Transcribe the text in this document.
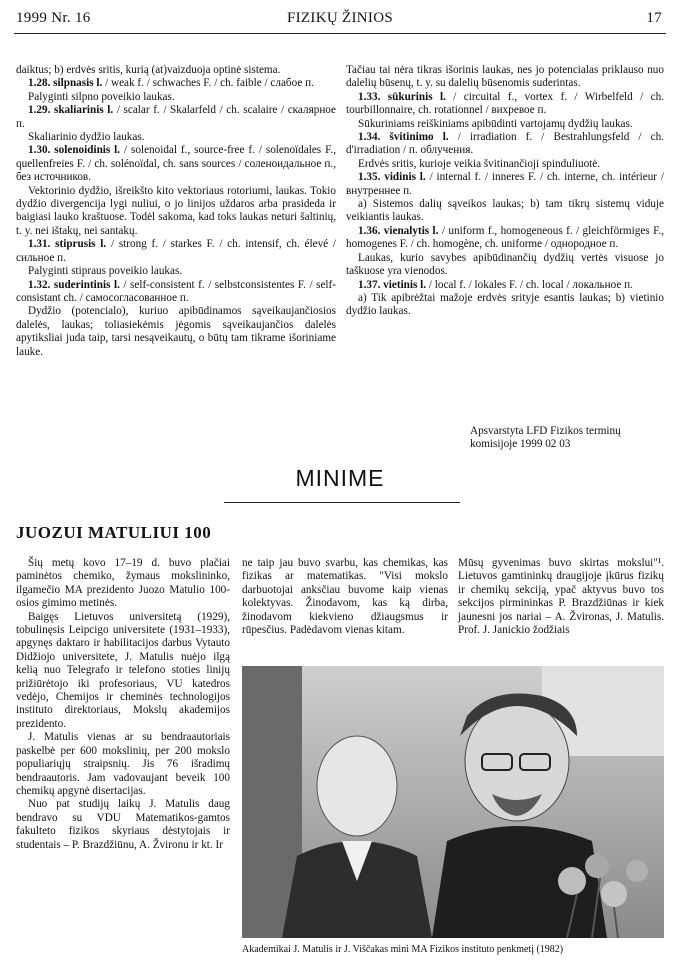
1999 Nr. 16	FIZIKŲ ŽINIOS	17

daiktus; b) erdvės sritis, kurią (at)vaizduoja optinė sistema.

1.28. silpnasis l. / weak f. / schwaches F. / ch. faible / слабое п.

Palyginti silpno poveikio laukas.

1.29. skaliarinis l. / scalar f. / Skalarfeld / ch. scalaire / скалярное п.

Skaliarinio dydžio laukas.

1.30. solenoidinis l. / solenoidal f., source-free f. / solenoïdales F., quellenfreies F. / ch. solénoïdal, ch. sans sources / соленоидальное п., без источников.

Vektorinio dydžio, išreikšto kito vektoriaus rotoriumi, laukas. Tokio dydžio divergencija lygi nuliui, o jo linijos uždaros arba prasideda ir baigiasi lauko kraštuose. Todėl sakoma, kad toks laukas neturi šaltinių, t. y. nei ištakų, nei santakų.

1.31. stiprusis l. / strong f. / starkes F. / ch. intensif, ch. élevé / сильное п.

Palyginti stipraus poveikio laukas.

1.32. suderintinis l. / self-consistent f. / selbstconsistentes F. / self-consistant ch. / самосогласованное п.

Dydžio (potencialo), kuriuo apibūdinamos sąveikaujančiosios dalelės, laukas; toliasiekėmis jėgomis sąveikaujančios dalelės apytiksliai juda taip, tarsi nesąveikautų, o būtų tam tikrame išoriniame lauke.

Tačiau tai nėra tikras išorinis laukas, nes jo potencialas priklauso nuo dalelių būsenų, t. y. su dalelių būsenomis suderintas.

1.33. sūkurinis l. / circuital f., vortex f. / Wirbelfeld / ch. tourbillonnaire, ch. rotationnel / вихревое п.

Sūkuriniams reiškiniams apibūdinti vartojamų dydžių laukas.

1.34. švitinimo l. / irradiation f. / Bestrahlungsfeld / ch. d'irradiation / п. облучения.

Erdvės sritis, kurioje veikia švitinančioji spinduliuotė.

1.35. vidinis l. / internal f. / inneres F. / ch. interne, ch. intérieur / внутреннее п.

a) Sistemos dalių sąveikos laukas; b) tam tikrų sistemų viduje veikiantis laukas.

1.36. vienalytis l. / uniform f., homogeneous f. / gleichförmiges F., homogenes F. / ch. homogène, ch. uniforme / однородное п.

Laukas, kurio savybes apibūdinančių dydžių vertės visuose jo taškuose yra vienodos.

1.37. vietinis l. / local f. / lokales F. / ch. local / локальное п.

a) Tik apibrėžtai mažoje erdvės srityje esantis laukas; b) vietinio dydžio laukas.

Apsvarstyta LFD Fizikos terminų
komisijoje 1999 02 03
MINIME
JUOZUI MATULIUI 100

Šių metų kovo 17–19 d. buvo plačiai paminėtos chemiko, žymaus mokslininko, ilgamečio MA prezidento Juozo Matulio 100-osios gimimo metinės.

Baigęs Lietuvos universitetą (1929), tobulinęsis Leipcigo universitete (1931–1933), apgynęs daktaro ir habilitacijos darbus Vytauto Didžiojo universitete, J. Matulis nuėjo ilgą kelią nuo Telegrafo ir telefono stoties linijų prižiūrėtojo iki profesoriaus, VU katedros vedėjo, Chemijos ir cheminės technologijos instituto direktoriaus, Mokslų akademijos prezidento.

J. Matulis vienas ar su bendraautoriais paskelbė per 600 mokslinių, per 200 mokslo populiariųjų straipsnių. Jis 76 išradimų bendraautoris. Jam vadovaujant beveik 100 chemikų apgynė disertacijas.

Nuo pat studijų laikų J. Matulis daug bendravo su VDU Matematikos-gamtos fakulteto fizikos skyriaus dėstytojais ir studentais – P. Brazdžiūnu, A. Žvironu ir kt. Ir

ne taip jau buvo svarbu, kas chemikas, kas fizikas ar matematikas. "Visi mokslo darbuotojai anksčiau buvome kaip vienas kolektyvas. Žinodavom, kas ką dirba, žinodavom kiekvieno džiaugsmus ir rūpesčius. Padėdavom vienas kitam.

Mūsų gyvenimas buvo skirtas mokslui"¹. Lietuvos gamtininkų draugijoje įkūrus fizikų ir chemikų sekciją, ypač aktyvus buvo tos sekcijos pirmininkas P. Brazdžiūnas ir kiek jaunesni jos nariai – A. Žvironas, J. Matulis. Prof. J. Janickio žodžiais

Akademikai J. Matulis ir J. Viščakas mini MA Fizikos instituto penkmetį (1982)
